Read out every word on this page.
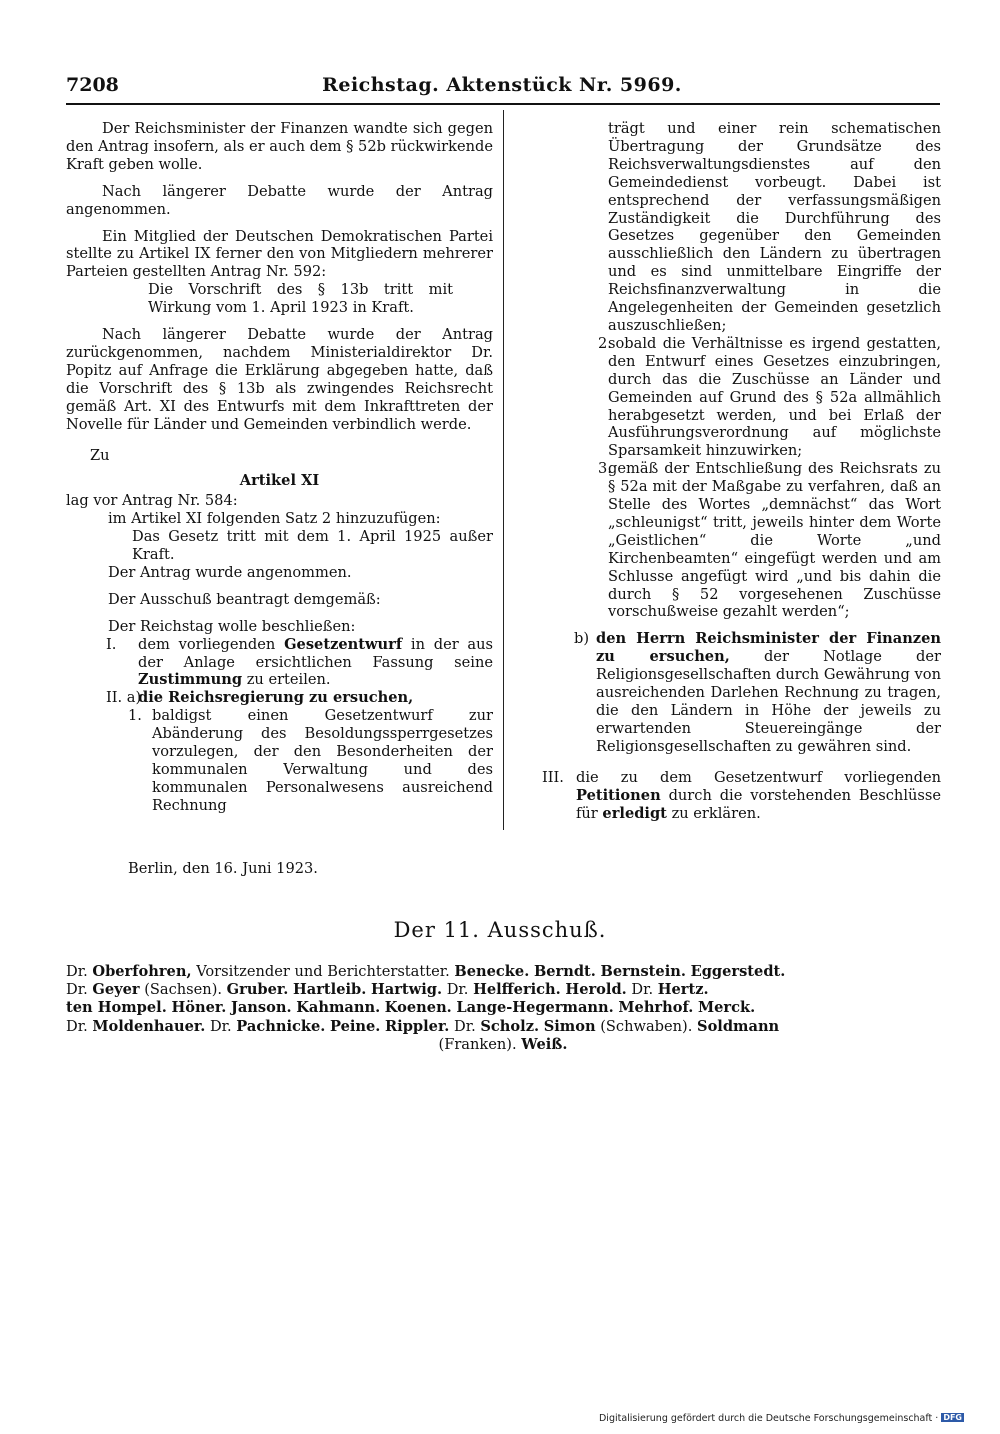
7208	Reichstag. Aktenstück Nr. 5969.

Der Reichsminister der Finanzen wandte sich gegen den Antrag insofern, als er auch dem § 52b rückwirkende Kraft geben wolle.

Nach längerer Debatte wurde der Antrag angenommen.

Ein Mitglied der Deutschen Demokratischen Partei stellte zu Artikel IX ferner den von Mitgliedern mehrerer Parteien gestellten Antrag Nr. 592:

Die Vorschrift des § 13b tritt mit Wirkung vom 1. April 1923 in Kraft.

Nach längerer Debatte wurde der Antrag zurückgenommen, nachdem Ministerialdirektor Dr. Popitz auf Anfrage die Erklärung abgegeben hatte, daß die Vorschrift des § 13b als zwingendes Reichsrecht gemäß Art. XI des Entwurfs mit dem Inkrafttreten der Novelle für Länder und Gemeinden verbindlich werde.

Zu

Artikel XI

lag vor Antrag Nr. 584:

im Artikel XI folgenden Satz 2 hinzuzufügen:

Das Gesetz tritt mit dem 1. April 1925 außer Kraft.

Der Antrag wurde angenommen.

Der Ausschuß beantragt demgemäß:

Der Reichstag wolle beschließen:

I. dem vorliegenden Gesetzentwurf in der aus der Anlage ersichtlichen Fassung seine Zustimmung zu erteilen.

II. a)

die Reichsregierung zu ersuchen,

1. baldigst einen Gesetzentwurf zur Abänderung des Besoldungssperrgesetzes vorzulegen, der den Besonderheiten der kommunalen Verwaltung und des kommunalen Personalwesens ausreichend Rechnung

trägt und einer rein schematischen Übertragung der Grundsätze des Reichsverwaltungsdienstes auf den Gemeindedienst vorbeugt. Dabei ist entsprechend der verfassungsmäßigen Zuständigkeit die Durchführung des Gesetzes gegenüber den Gemeinden ausschließlich den Ländern zu übertragen und es sind unmittelbare Eingriffe der Reichsfinanzverwaltung in die Angelegenheiten der Gemeinden gesetzlich auszuschließen;

2.

sobald die Verhältnisse es irgend gestatten, den Entwurf eines Gesetzes einzubringen, durch das die Zuschüsse an Länder und Gemeinden auf Grund des § 52a allmählich herabgesetzt werden, und bei Erlaß der Ausführungsverordnung auf möglichste Sparsamkeit hinzuwirken;

3.

gemäß der Entschließung des Reichsrats zu § 52a mit der Maßgabe zu verfahren, daß an Stelle des Wortes „demnächst“ das Wort „schleunigst“ tritt, jeweils hinter dem Worte „Geistlichen“ die Worte „und Kirchenbeamten“ eingefügt werden und am Schlusse angefügt wird „und bis dahin die durch § 52 vorgesehenen Zuschüsse vorschußweise gezahlt werden“;

b) den Herrn Reichsminister der Finanzen zu ersuchen, der Notlage der Religionsgesellschaften durch Gewährung von ausreichenden Darlehen Rechnung zu tragen, die den Ländern in Höhe der jeweils zu erwartenden Steuereingänge der Religionsgesellschaften zu gewähren sind.

III. die zu dem Gesetzentwurf vorliegenden Petitionen durch die vorstehenden Beschlüsse für erledigt zu erklären.

Berlin, den 16. Juni 1923.
Der 11. Ausschuß.
Dr. Oberfohren, Vorsitzender und Berichterstatter. Benecke. Berndt. Bernstein. Eggerstedt.
Dr. Geyer (Sachsen). Gruber. Hartleib. Hartwig. Dr. Helfferich. Herold. Dr. Hertz.
ten Hompel. Höner. Janson. Kahmann. Koenen. Lange-Hegermann. Mehrhof. Merck.
Dr. Moldenhauer. Dr. Pachnicke. Peine. Rippler. Dr. Scholz. Simon (Schwaben). Soldmann
(Franken). Weiß.
Digitalisierung gefördert durch die Deutsche Forschungsgemeinschaft · DFG
